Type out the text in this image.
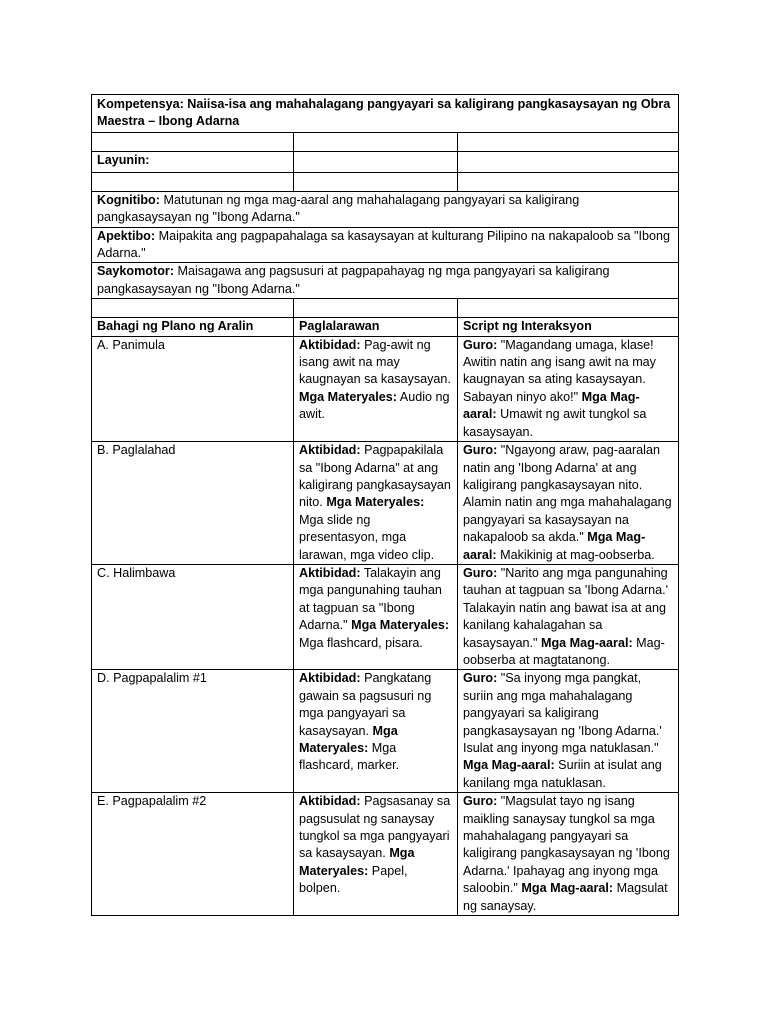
Kompetensya: Naiisa-isa ang mahahalagang pangyayari sa kaligirang pangkasaysayan ng Obra Maestra – Ibong Adarna		

Layunin:		

Kognitibo: Matutunan ng mga mag-aaral ang mahahalagang pangyayari sa kaligirang pangkasaysayan ng "Ibong Adarna."		
Apektibo: Maipakita ang pagpapahalaga sa kasaysayan at kulturang Pilipino na nakapaloob sa "Ibong Adarna."		
Saykomotor: Maisagawa ang pagsusuri at pagpapahayag ng mga pangyayari sa kaligirang pangkasaysayan ng "Ibong Adarna."		

Bahagi ng Plano ng Aralin	Paglalarawan	Script ng Interaksyon
A. Panimula	Aktibidad: Pag-awit ng isang awit na may kaugnayan sa kasaysayan. Mga Materyales: Audio ng awit.	Guro: "Magandang umaga, klase! Awitin natin ang isang awit na may kaugnayan sa ating kasaysayan. Sabayan ninyo ako!" Mga Mag-aaral: Umawit ng awit tungkol sa kasaysayan.
B. Paglalahad	Aktibidad: Pagpapakilala sa "Ibong Adarna" at ang kaligirang pangkasaysayan nito. Mga Materyales: Mga slide ng presentasyon, mga larawan, mga video clip.	Guro: "Ngayong araw, pag-aaralan natin ang 'Ibong Adarna' at ang kaligirang pangkasaysayan nito. Alamin natin ang mga mahahalagang pangyayari sa kasaysayan na nakapaloob sa akda." Mga Mag-aaral: Makikinig at mag-oobserba.
C. Halimbawa	Aktibidad: Talakayin ang mga pangunahing tauhan at tagpuan sa "Ibong Adarna." Mga Materyales: Mga flashcard, pisara.	Guro: "Narito ang mga pangunahing tauhan at tagpuan sa 'Ibong Adarna.' Talakayin natin ang bawat isa at ang kanilang kahalagahan sa kasaysayan." Mga Mag-aaral: Mag-oobserba at magtatanong.
D. Pagpapalalim #1	Aktibidad: Pangkatang gawain sa pagsusuri ng mga pangyayari sa kasaysayan. Mga Materyales: Mga flashcard, marker.	Guro: "Sa inyong mga pangkat, suriin ang mga mahahalagang pangyayari sa kaligirang pangkasaysayan ng 'Ibong Adarna.' Isulat ang inyong mga natuklasan." Mga Mag-aaral: Suriin at isulat ang kanilang mga natuklasan.
E. Pagpapalalim #2	Aktibidad: Pagsasanay sa pagsusulat ng sanaysay tungkol sa mga pangyayari sa kasaysayan. Mga Materyales: Papel, bolpen.	Guro: "Magsulat tayo ng isang maikling sanaysay tungkol sa mga mahahalagang pangyayari sa kaligirang pangkasaysayan ng 'Ibong Adarna.' Ipahayag ang inyong mga saloobin." Mga Mag-aaral: Magsulat ng sanaysay.
